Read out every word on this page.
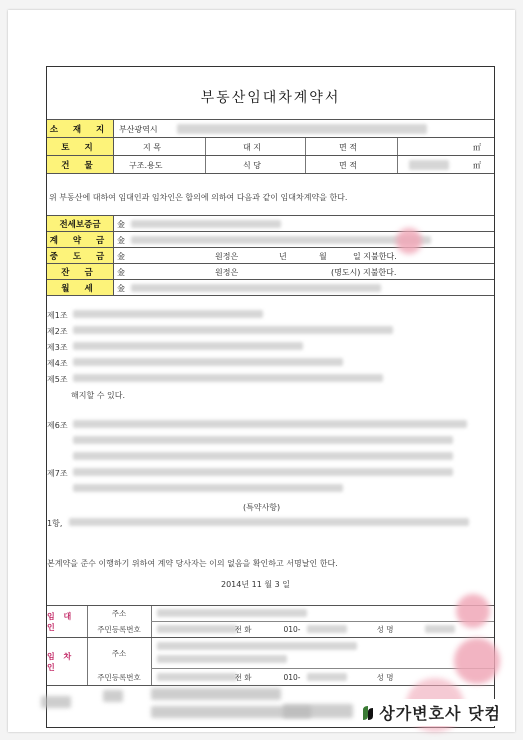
부동산임대차계약서
소 재 지	부산광역시
토 지	지 목	대 지	면 적	㎡
건 물	구조.용도	식 당	면 적	㎡
위 부동산에 대하여 임대인과 임차인은 합의에 의하여 다음과 같이 임대차계약을 한다.
전세보증금	金
계 약 금 金
중 도 금 金	원정은	년	월	일 지불한다.
잔 금	金	원정은	(명도시) 지불한다.
월 세	金
제1조
제2조
제3조
제4조
제5조
해지할 수 있다.
제6조
제7조
(특약사항)
1항,
본계약을 준수 이행하기 위하여 계약 당사자는 이의 없음을 확인하고 서명날인 한다.
2014년 11 월 3 일
임 대 인
주소
주민등록번호	전 화	010-	성 명
임 차 인
주소
주민등록번호	전 화	010-	성 명
상가변호사 닷컴
